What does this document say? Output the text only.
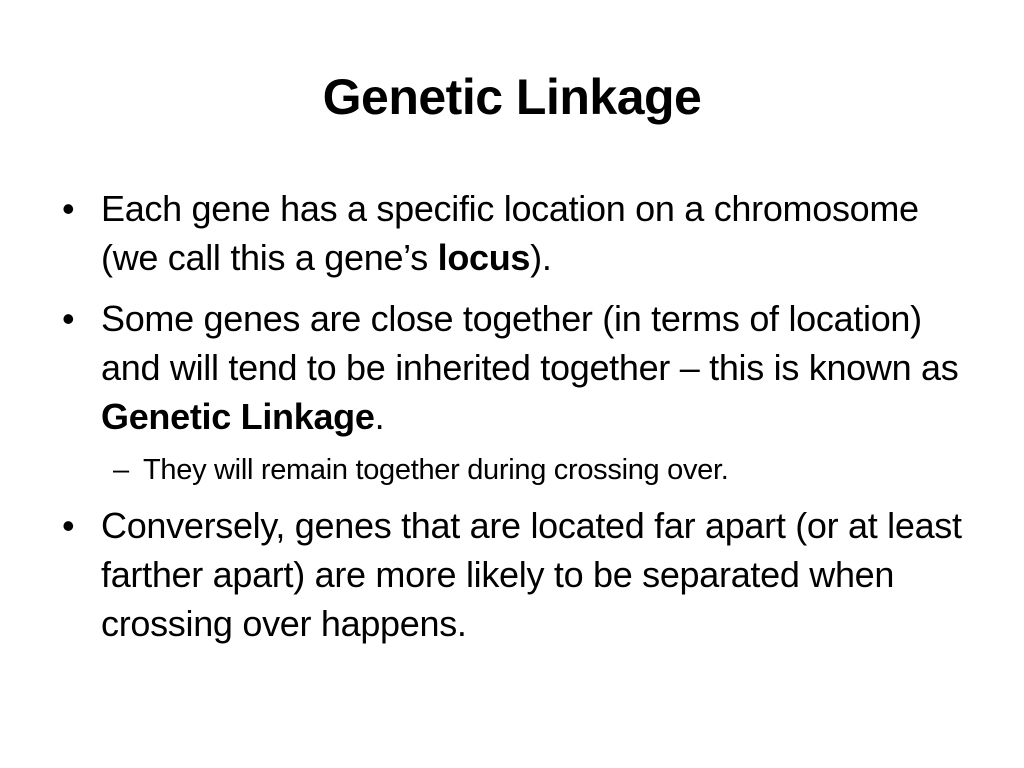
Genetic Linkage
• Each gene has a specific location on a chromosome (we call this a gene’s locus).
• Some genes are close together (in terms of location) and will tend to be inherited together – this is known as Genetic Linkage.
– They will remain together during crossing over.
• Conversely, genes that are located far apart (or at least farther apart) are more likely to be separated when crossing over happens.
